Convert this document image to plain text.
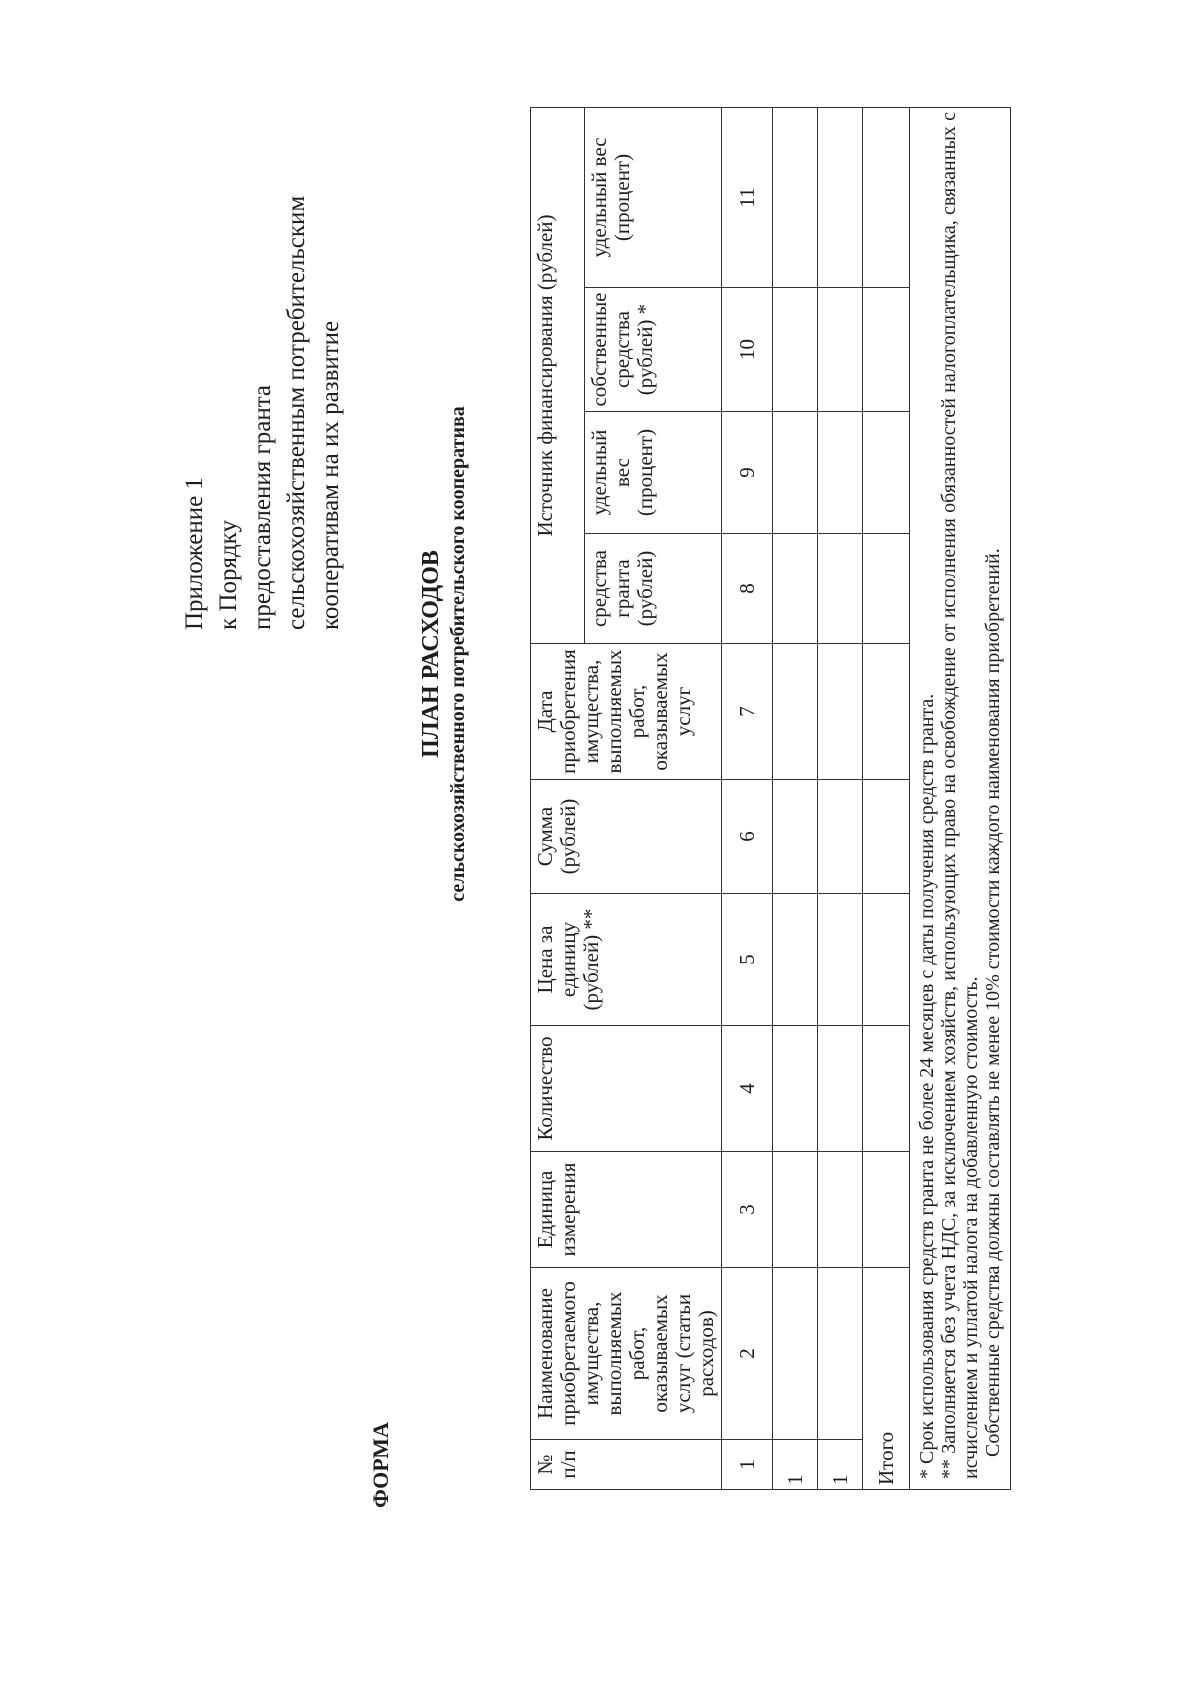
Приложение 1 к Порядку предоставления гранта сельскохозяйственным потребительским кооперативам на их развитие
ФОРМА
ПЛАН РАСХОДОВ сельскохозяйственного потребительского кооператива
№ п/п	Наименование приобретаемого имущества, выполняемых работ, оказываемых услуг (статьи расходов)	Единица измерения	Количество	Цена за единицу (рублей) **	Сумма (рублей)	Дата приобретения имущества, выполняемых работ, оказываемых услуг	Источник финансирования (рублей)			
							средства гранта (рублей)	удельный вес (процент)	собственные средства (рублей) *	удельный вес (процент)
1	2	3	4	5	6	7	8	9	10	11
1										
1										
Итого										

* Срок использования средств гранта не более 24 месяцев с даты получения средств гранта. ** Заполняется без учета НДС, за исключением хозяйств, использующих право на освобождение от исполнения обязанностей налогоплательщика, связанных с исчислением и уплатой налога на добавленную стоимость. Собственные средства должны составлять не менее 10% стоимости каждого наименования приобретений.										
